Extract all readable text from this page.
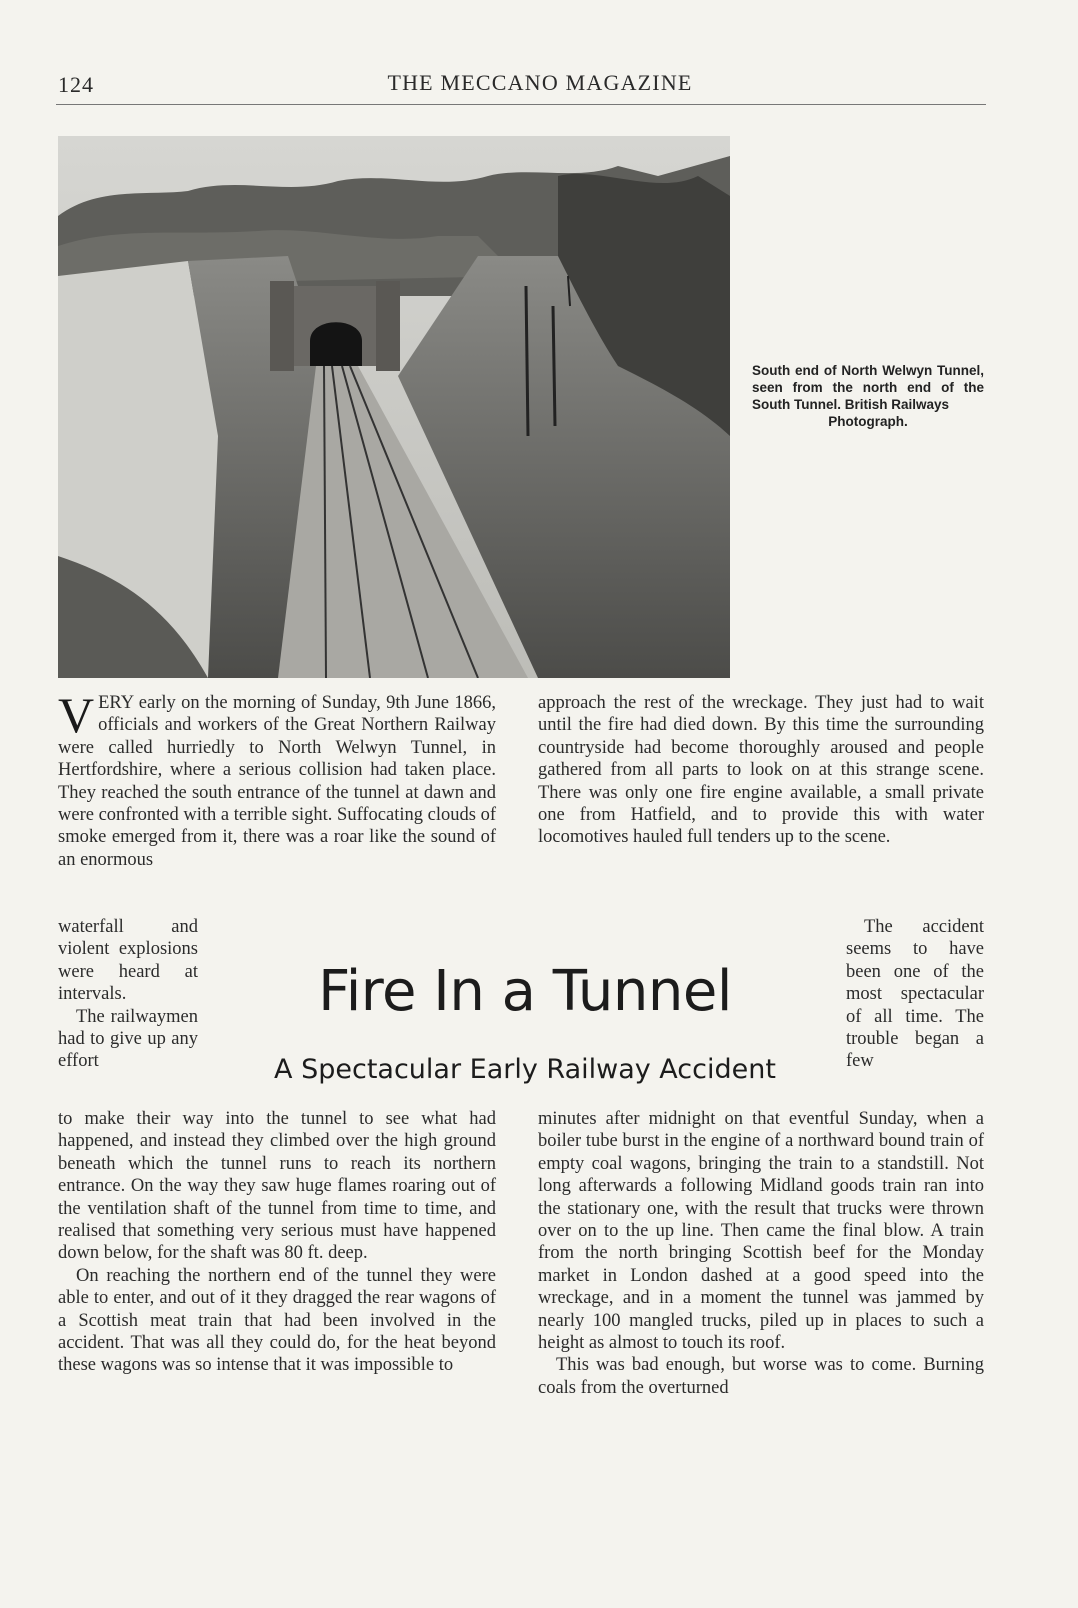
124	THE MECCANO MAGAZINE
South end of North Welwyn Tunnel, seen from the north end of the South Tunnel. British Railways
Photograph.

VERY early on the morning of Sunday, 9th June 1866, officials and workers of the Great Northern Railway were called hurriedly to North Welwyn Tunnel, in Hertfordshire, where a serious collision had taken place. They reached the south entrance of the tunnel at dawn and were confronted with a terrible sight. Suffocating clouds of smoke emerged from it, there was a roar like the sound of an enormous

waterfall and violent explosions were heard at intervals.

The railwaymen had to give up any effort

to make their way into the tunnel to see what had happened, and instead they climbed over the high ground beneath which the tunnel runs to reach its northern entrance. On the way they saw huge flames roaring out of the ventilation shaft of the tunnel from time to time, and realised that something very serious must have happened down below, for the shaft was 80 ft. deep.

On reaching the northern end of the tunnel they were able to enter, and out of it they dragged the rear wagons of a Scottish meat train that had been involved in the accident. That was all they could do, for the heat beyond these wagons was so intense that it was impossible to

approach the rest of the wreckage. They just had to wait until the fire had died down. By this time the surrounding countryside had become thoroughly aroused and people gathered from all parts to look on at this strange scene. There was only one fire engine available, a small private one from Hatfield, and to provide this with water locomotives hauled full tenders up to the scene.

The accident seems to have been one of the most spectacular of all time. The trouble began a few

minutes after midnight on that eventful Sunday, when a boiler tube burst in the engine of a northward bound train of empty coal wagons, bringing the train to a standstill. Not long afterwards a following Midland goods train ran into the stationary one, with the result that trucks were thrown over on to the up line. Then came the final blow. A train from the north bringing Scottish beef for the Monday market in London dashed at a good speed into the wreckage, and in a moment the tunnel was jammed by nearly 100 mangled trucks, piled up in places to such a height as almost to touch its roof.

This was bad enough, but worse was to come. Burning coals from the overturned

Fire In a Tunnel
A Spectacular Early Railway Accident
